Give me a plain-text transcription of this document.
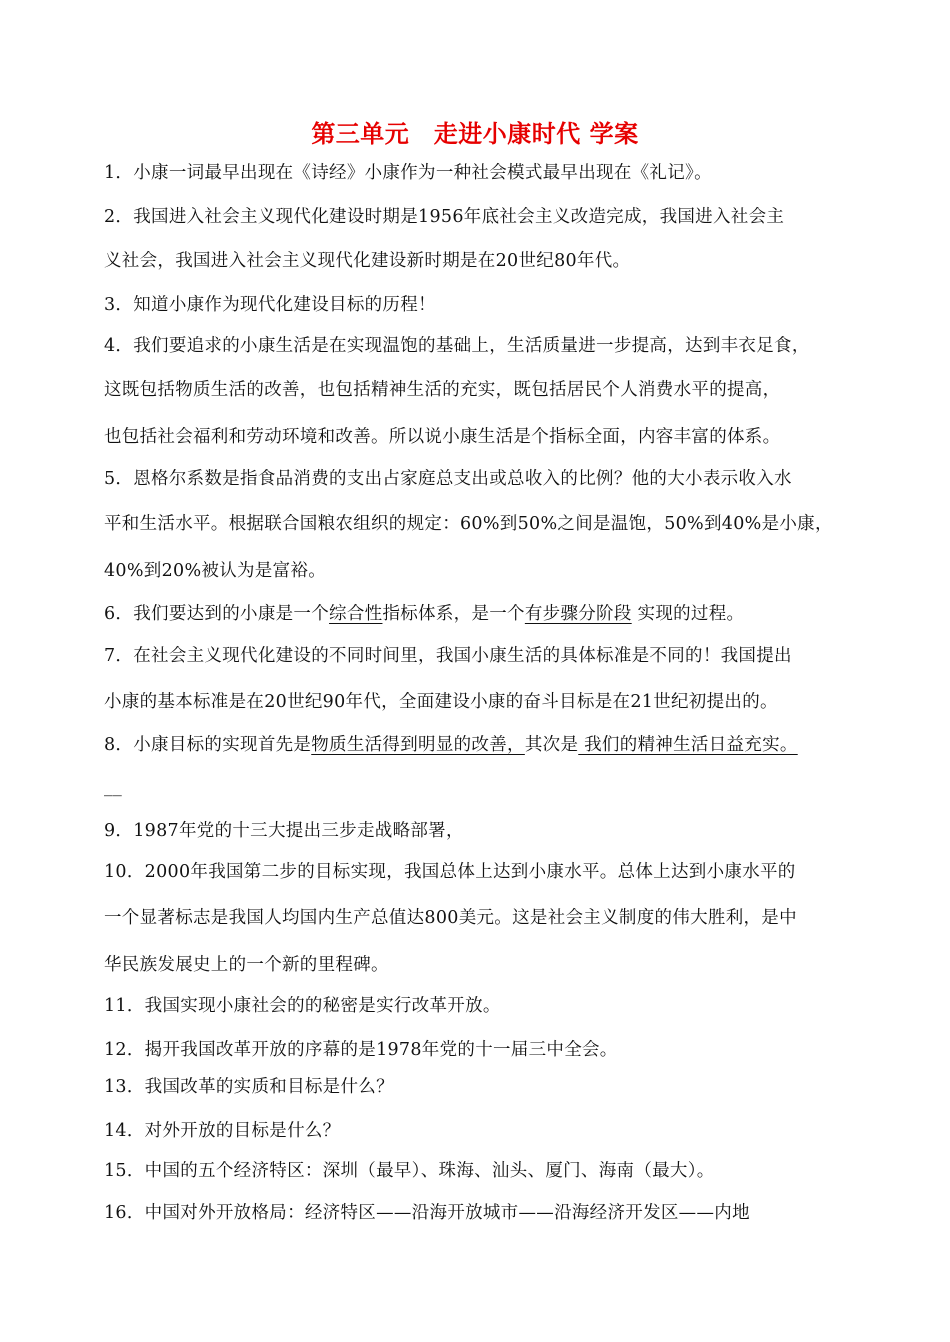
第三单元　走进小康时代 学案
1．小康一词最早出现在《诗经》小康作为一种社会模式最早出现在《礼记》。
2．我国进入社会主义现代化建设时期是1956年底社会主义改造完成，我国进入社会主
义社会，我国进入社会主义现代化建设新时期是在20世纪80年代。
3．知道小康作为现代化建设目标的历程！
4．我们要追求的小康生活是在实现温饱的基础上，生活质量进一步提高，达到丰衣足食，
这既包括物质生活的改善，也包括精神生活的充实，既包括居民个人消费水平的提高，
也包括社会福利和劳动环境和改善。所以说小康生活是个指标全面，内容丰富的体系。
5．恩格尔系数是指食品消费的支出占家庭总支出或总收入的比例？他的大小表示收入水
平和生活水平。根据联合国粮农组织的规定：60%到50%之间是温饱，50%到40%是小康，
40%到20%被认为是富裕。
6．我们要达到的小康是一个综合性指标体系，是一个有步骤分阶段 实现的过程。
7．在社会主义现代化建设的不同时间里，我国小康生活的具体标准是不同的！我国提出
小康的基本标准是在20世纪90年代，全面建设小康的奋斗目标是在21世纪初提出的。
8．小康目标的实现首先是物质生活得到明显的改善，其次是 我们的精神生活日益充实。
__
9．1987年党的十三大提出三步走战略部署，
10．2000年我国第二步的目标实现，我国总体上达到小康水平。总体上达到小康水平的
一个显著标志是我国人均国内生产总值达800美元。这是社会主义制度的伟大胜利，是中
华民族发展史上的一个新的里程碑。
11．我国实现小康社会的的秘密是实行改革开放。
12．揭开我国改革开放的序幕的是1978年党的十一届三中全会。
13．我国改革的实质和目标是什么？
14．对外开放的目标是什么？
15．中国的五个经济特区：深圳（最早）、珠海、汕头、厦门、海南（最大）。
16．中国对外开放格局：经济特区——沿海开放城市——沿海经济开发区——内地
